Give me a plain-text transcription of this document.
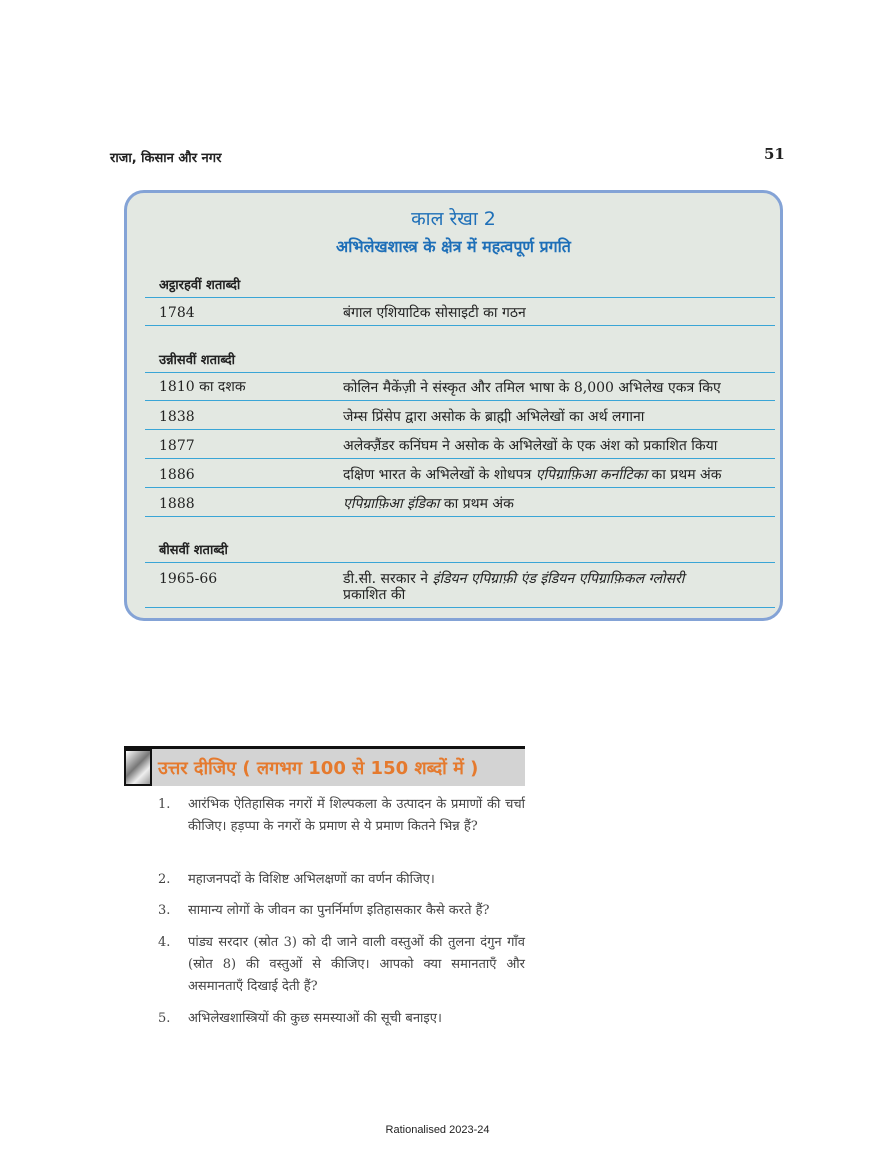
राजा, किसान और नगर	51
काल रेखा 2
अभिलेखशास्त्र के क्षेत्र में महत्वपूर्ण प्रगति
अट्ठारहवीं शताब्दी
1784	बंगाल एशियाटिक सोसाइटी का गठन
उन्नीसवीं शताब्दी
1810 का दशक	कोलिन मैकेंज़ी ने संस्कृत और तमिल भाषा के 8,000 अभिलेख एकत्र किए
1838	जेम्स प्रिंसेप द्वारा असोक के ब्राह्मी अभिलेखों का अर्थ लगाना
1877	अलेक्ज़ैंडर कनिंघम ने असोक के अभिलेखों के एक अंश को प्रकाशित किया
1886	दक्षिण भारत के अभिलेखों के शोधपत्र एपिग्राफ़िआ कर्नाटिका का प्रथम अंक
1888	एपिग्राफ़िआ इंडिका का प्रथम अंक
बीसवीं शताब्दी
1965-66	डी.सी. सरकार ने इंडियन एपिग्राफ़ी एंड इंडियन एपिग्राफ़िकल ग्लोसरी
प्रकाशित की
उत्तर दीजिए ( लगभग 100 से 150 शब्दों में )
1. आरंभिक ऐतिहासिक नगरों में शिल्पकला के उत्पादन के प्रमाणों की चर्चा कीजिए। हड़प्पा के नगरों के प्रमाण से ये प्रमाण कितने भिन्न हैं?
2. महाजनपदों के विशिष्ट अभिलक्षणों का वर्णन कीजिए।
3. सामान्य लोगों के जीवन का पुनर्निर्माण इतिहासकार कैसे करते हैं?
4. पांड्य सरदार (स्रोत 3) को दी जाने वाली वस्तुओं की तुलना दंगुन गाँव (स्रोत 8) की वस्तुओं से कीजिए। आपको क्या समानताएँ और असमानताएँ दिखाई देती हैं?
5. अभिलेखशास्त्रियों की कुछ समस्याओं की सूची बनाइए।
Rationalised 2023-24
